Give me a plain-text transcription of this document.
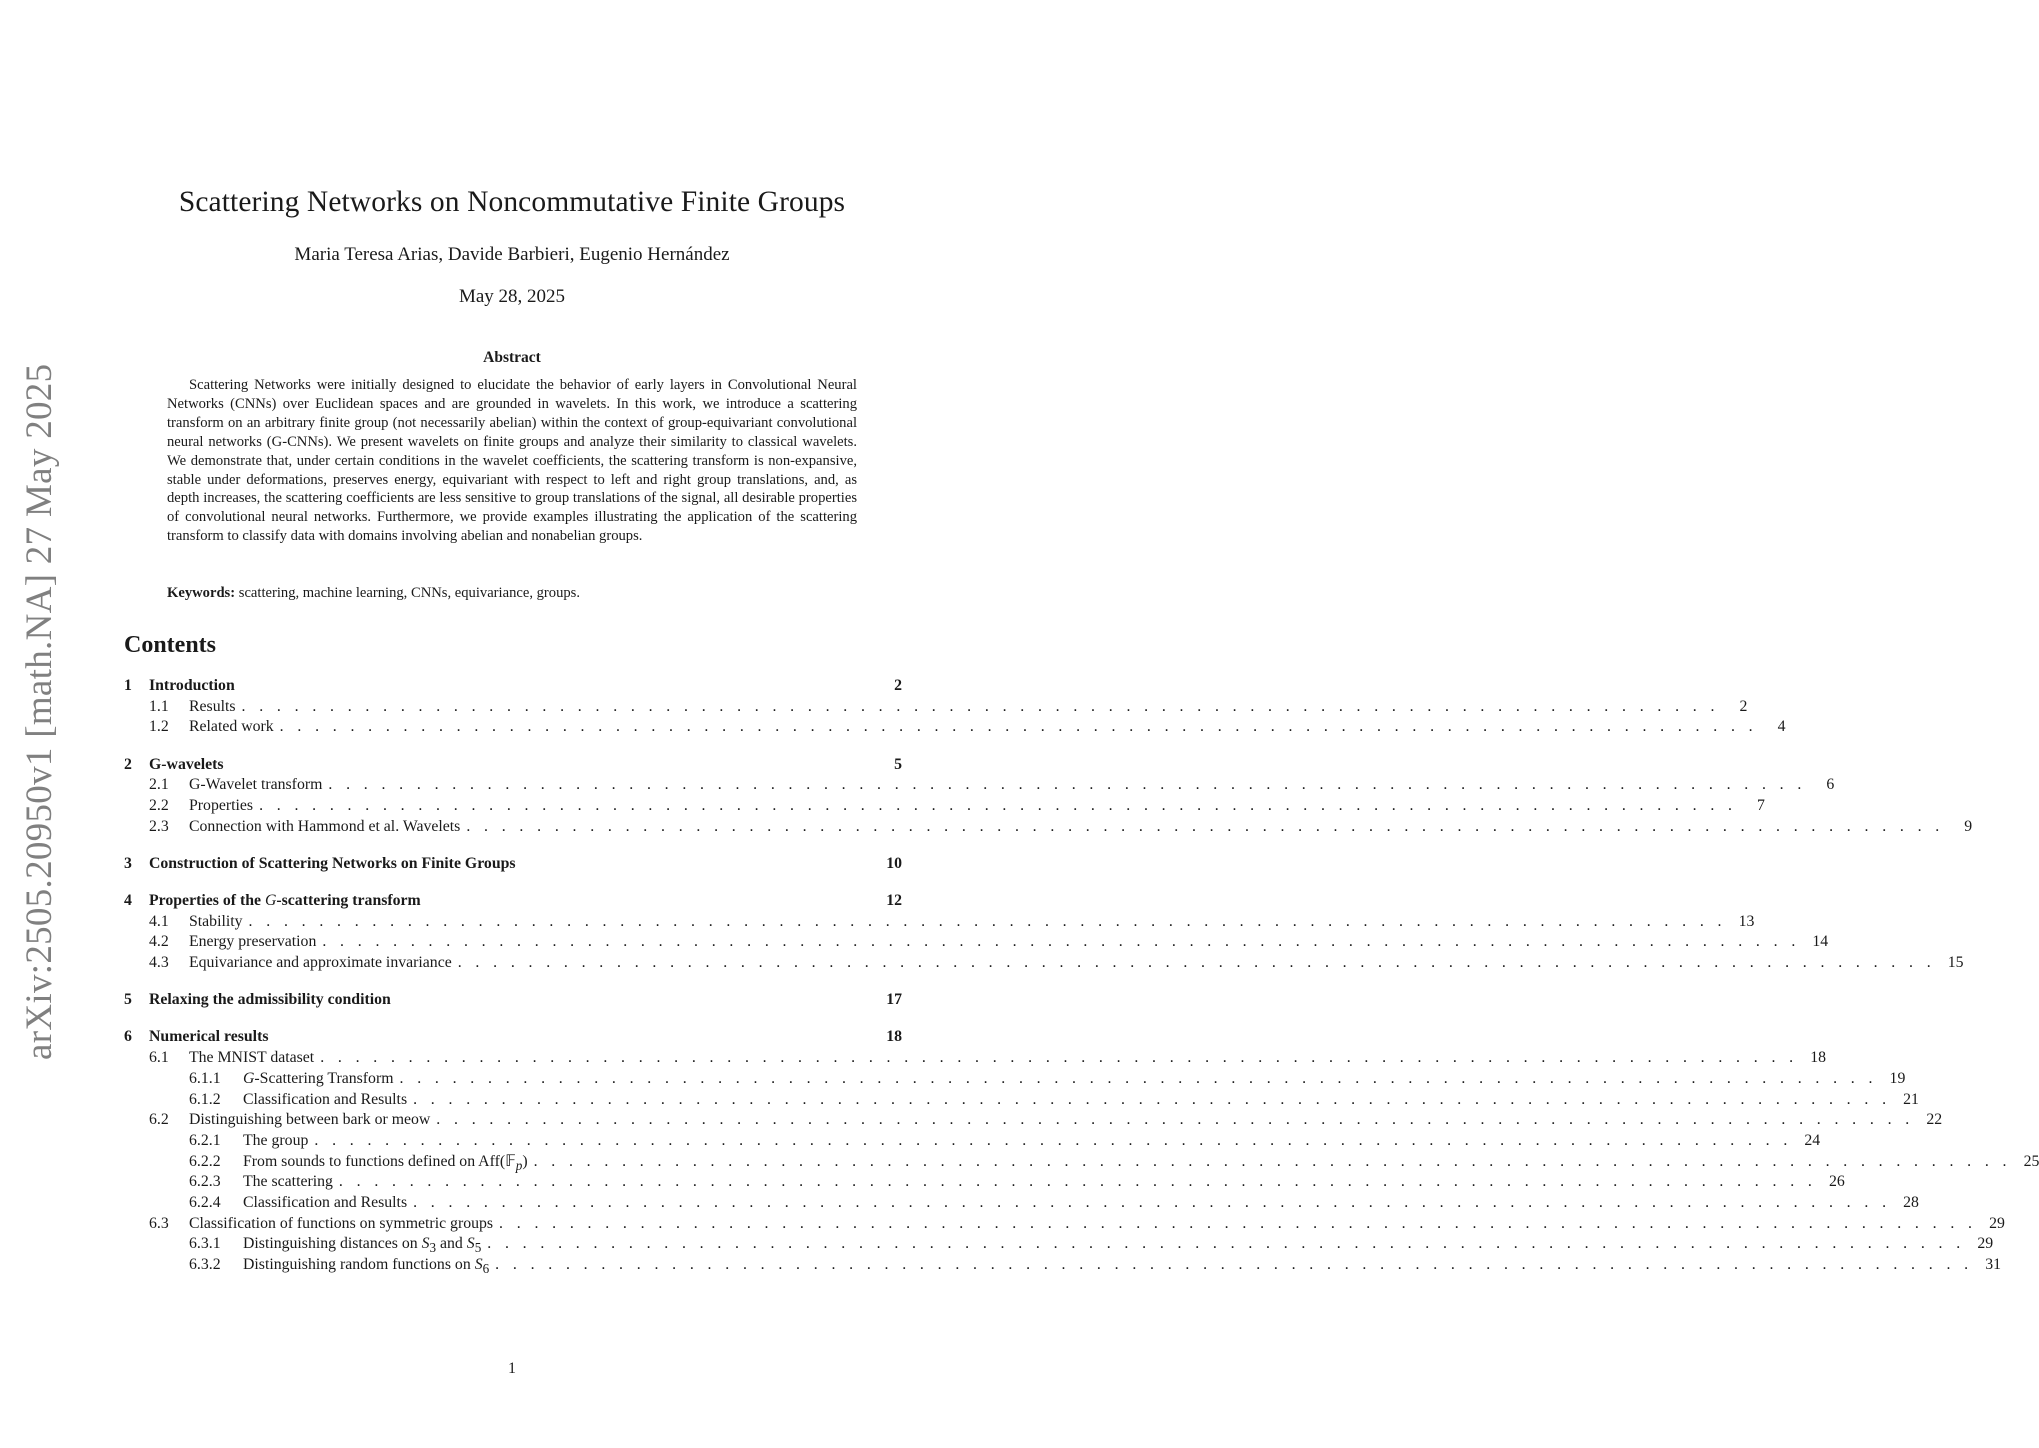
arXiv:2505.20950v1 [math.NA] 27 May 2025
Scattering Networks on Noncommutative Finite Groups
Maria Teresa Arias, Davide Barbieri, Eugenio Hernández
May 28, 2025
Abstract

Scattering Networks were initially designed to elucidate the behavior of early layers in Convolutional Neural Networks (CNNs) over Euclidean spaces and are grounded in wavelets. In this work, we introduce a scattering transform on an arbitrary finite group (not necessarily abelian) within the context of group-equivariant convolutional neural networks (G-CNNs). We present wavelets on finite groups and analyze their similarity to classical wavelets. We demonstrate that, under certain conditions in the wavelet coefficients, the scattering transform is non-expansive, stable under deformations, preserves energy, equivariant with respect to left and right group translations, and, as depth increases, the scattering coefficients are less sensitive to group translations of the signal, all desirable properties of convolutional neural networks. Furthermore, we provide examples illustrating the application of the scattering transform to classify data with domains involving abelian and nonabelian groups.

Keywords: scattering, machine learning, CNNs, equivariance, groups.
Contents
1	Introduction	2
1.1	Results . . . . . . . . . . . . . . . . . . . . . . . . . . . . . . . . . . . . . . . . . . . . . . . . . . . . . . . . . . . . . . . . . . . . . . . . . . . . . . . . . . . .	2
1.2	Related work . . . . . . . . . . . . . . . . . . . . . . . . . . . . . . . . . . . . . . . . . . . . . . . . . . . . . . . . . . . . . . . . . . . . . . . . . . . . . . . . . . . .	4
2	G-wavelets	5
2.1	G-Wavelet transform . . . . . . . . . . . . . . . . . . . . . . . . . . . . . . . . . . . . . . . . . . . . . . . . . . . . . . . . . . . . . . . . . . . . . . . . . . . . . . . . . . . .	6
2.2	Properties . . . . . . . . . . . . . . . . . . . . . . . . . . . . . . . . . . . . . . . . . . . . . . . . . . . . . . . . . . . . . . . . . . . . . . . . . . . . . . . . . . . .	7
2.3	Connection with Hammond et al. Wavelets . . . . . . . . . . . . . . . . . . . . . . . . . . . . . . . . . . . . . . . . . . . . . . . . . . . . . . . . . . . . . . . . . . . . . . . . . . . . . . . . . . . .	9
3	Construction of Scattering Networks on Finite Groups	10
4	Properties of the G-scattering transform	12
4.1	Stability . . . . . . . . . . . . . . . . . . . . . . . . . . . . . . . . . . . . . . . . . . . . . . . . . . . . . . . . . . . . . . . . . . . . . . . . . . . . . . . . . . . . 13
4.2	Energy preservation . . . . . . . . . . . . . . . . . . . . . . . . . . . . . . . . . . . . . . . . . . . . . . . . . . . . . . . . . . . . . . . . . . . . . . . . . . . . . . . . . . . . 14
4.3	Equivariance and approximate invariance . . . . . . . . . . . . . . . . . . . . . . . . . . . . . . . . . . . . . . . . . . . . . . . . . . . . . . . . . . . . . . . . . . . . . . . . . . . . . . . . . . . . 15
5	Relaxing the admissibility condition	17
6	Numerical results	18
6.1	The MNIST dataset . . . . . . . . . . . . . . . . . . . . . . . . . . . . . . . . . . . . . . . . . . . . . . . . . . . . . . . . . . . . . . . . . . . . . . . . . . . . . . . . . . . . 18
6.1.1	G-Scattering Transform . . . . . . . . . . . . . . . . . . . . . . . . . . . . . . . . . . . . . . . . . . . . . . . . . . . . . . . . . . . . . . . . . . . . . . . . . . . . . . . . . . . . 19
6.1.2	Classification and Results . . . . . . . . . . . . . . . . . . . . . . . . . . . . . . . . . . . . . . . . . . . . . . . . . . . . . . . . . . . . . . . . . . . . . . . . . . . . . . . . . . . . 21
6.2	Distinguishing between bark or meow . . . . . . . . . . . . . . . . . . . . . . . . . . . . . . . . . . . . . . . . . . . . . . . . . . . . . . . . . . . . . . . . . . . . . . . . . . . . . . . . . . . . 22
6.2.1	The group . . . . . . . . . . . . . . . . . . . . . . . . . . . . . . . . . . . . . . . . . . . . . . . . . . . . . . . . . . . . . . . . . . . . . . . . . . . . . . . . . . . . 24
6.2.2	From sounds to functions defined on Aff(𝔽$_p$) . . . . . . . . . . . . . . . . . . . . . . . . . . . . . . . . . . . . . . . . . . . . . . . . . . . . . . . . . . . . . . . . . . . . . . . . . . . . . . . . . . . . 25
6.2.3	The scattering . . . . . . . . . . . . . . . . . . . . . . . . . . . . . . . . . . . . . . . . . . . . . . . . . . . . . . . . . . . . . . . . . . . . . . . . . . . . . . . . . . . . 26
6.2.4	Classification and Results . . . . . . . . . . . . . . . . . . . . . . . . . . . . . . . . . . . . . . . . . . . . . . . . . . . . . . . . . . . . . . . . . . . . . . . . . . . . . . . . . . . . 28
6.3	Classification of functions on symmetric groups . . . . . . . . . . . . . . . . . . . . . . . . . . . . . . . . . . . . . . . . . . . . . . . . . . . . . . . . . . . . . . . . . . . . . . . . . . . . . . . . . . . . 29
6.3.1	Distinguishing distances on $S_3$ and $S_5$ . . . . . . . . . . . . . . . . . . . . . . . . . . . . . . . . . . . . . . . . . . . . . . . . . . . . . . . . . . . . . . . . . . . . . . . . . . . . . . . . . . . . 29
6.3.2	Distinguishing random functions on $S_6$ . . . . . . . . . . . . . . . . . . . . . . . . . . . . . . . . . . . . . . . . . . . . . . . . . . . . . . . . . . . . . . . . . . . . . . . . . . . . . . . . . . . . 31
1
